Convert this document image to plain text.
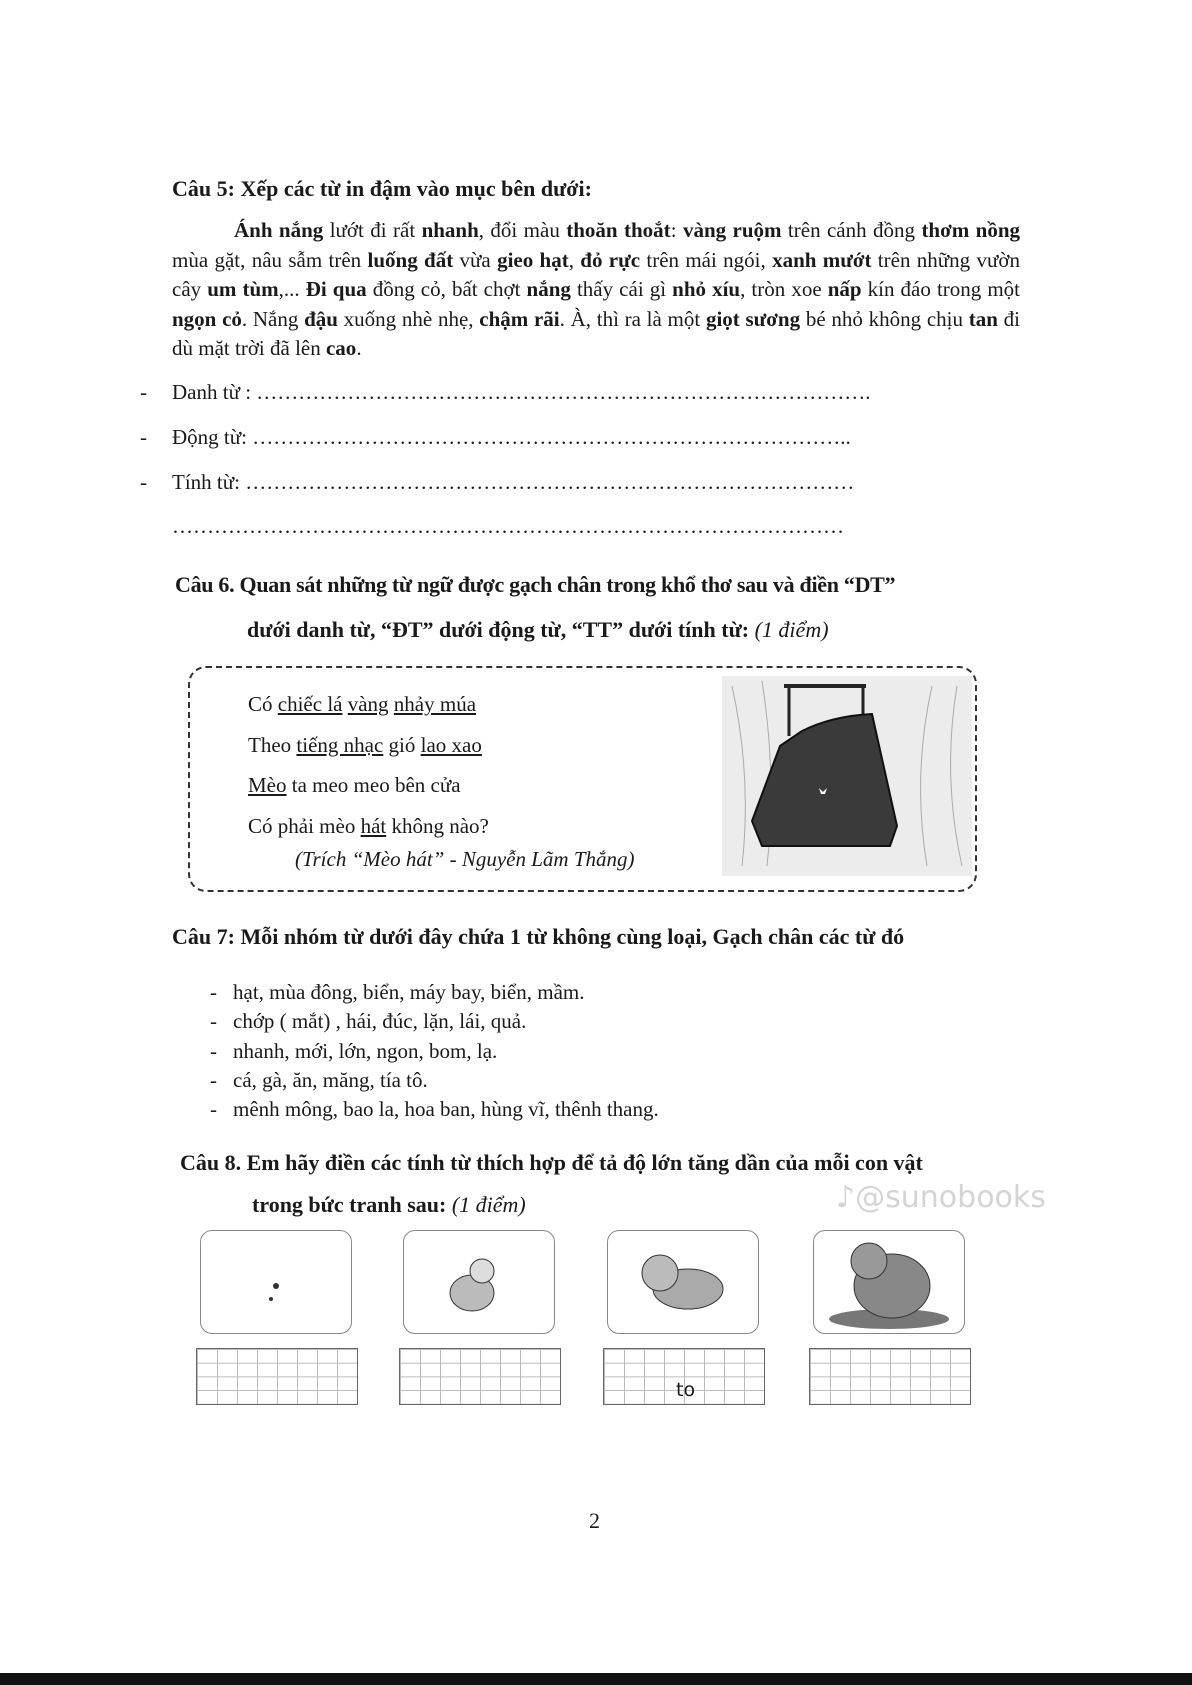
Câu 5: Xếp các từ in đậm vào mục bên dưới:
Ánh nắng lướt đi rất nhanh, đổi màu thoăn thoắt: vàng ruộm trên cánh đồng thơm nồng mùa gặt, nâu sẫm trên luống đất vừa gieo hạt, đỏ rực trên mái ngói, xanh mướt trên những vườn cây um tùm,... Đi qua đồng cỏ, bất chợt nắng thấy cái gì nhỏ xíu, tròn xoe nấp kín đáo trong một ngọn cỏ. Nắng đậu xuống nhè nhẹ, chậm rãi. À, thì ra là một giọt sương bé nhỏ không chịu tan đi dù mặt trời đã lên cao.
- Danh từ : …………………………………………………………………………….
- Động từ: …………………………………………………………………………..
- Tính từ: ……………………………………………………………………………
……………………………………………………………………………………
Câu 6. Quan sát những từ ngữ được gạch chân trong khổ thơ sau và điền “DT”
dưới danh từ, “ĐT” dưới động từ, “TT” dưới tính từ: (1 điểm)
Có chiếc lá vàng nhảy múa
Theo tiếng nhạc gió lao xao
Mèo ta meo meo bên cửa
Có phải mèo hát không nào?
(Trích “Mèo hát” - Nguyễn Lãm Thắng)
Câu 7: Mỗi nhóm từ dưới đây chứa 1 từ không cùng loại, Gạch chân các từ đó
- hạt, mùa đông, biển, máy bay, biển, mầm.
- chớp ( mắt) , hái, đúc, lặn, lái, quả.
- nhanh, mới, lớn, ngon, bom, lạ.
- cá, gà, ăn, măng, tía tô.
- mênh mông, bao la, hoa ban, hùng vĩ, thênh thang.
Câu 8. Em hãy điền các tính từ thích hợp để tả độ lớn tăng dần của mỗi con vật
trong bức tranh sau: (1 điểm)	♪@sunobooks
to
2
